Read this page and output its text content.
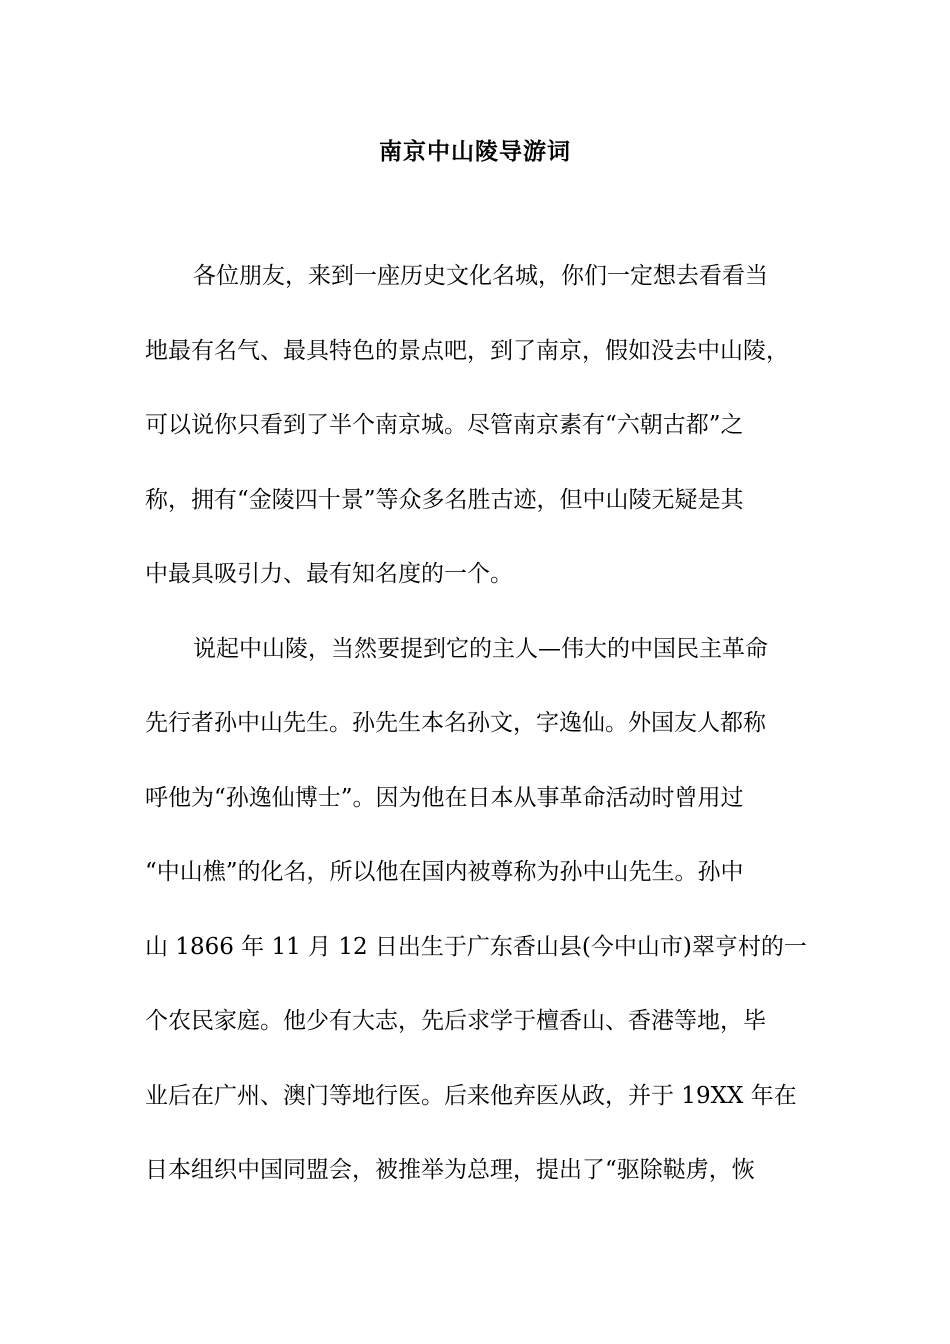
南京中山陵导游词
各位朋友，来到一座历史文化名城，你们一定想去看看当
地最有名气、最具特色的景点吧，到了南京，假如没去中山陵，
可以说你只看到了半个南京城。尽管南京素有“六朝古都”之
称，拥有“金陵四十景”等众多名胜古迹，但中山陵无疑是其
中最具吸引力、最有知名度的一个。
说起中山陵，当然要提到它的主人—伟大的中国民主革命
先行者孙中山先生。孙先生本名孙文，字逸仙。外国友人都称
呼他为“孙逸仙博士”。因为他在日本从事革命活动时曾用过
“中山樵”的化名，所以他在国内被尊称为孙中山先生。孙中
山 1866 年 11 月 12 日出生于广东香山县(今中山市)翠亨村的一
个农民家庭。他少有大志，先后求学于檀香山、香港等地，毕
业后在广州、澳门等地行医。后来他弃医从政，并于 19XX 年在
日本组织中国同盟会，被推举为总理，提出了“驱除鞑虏，恢
